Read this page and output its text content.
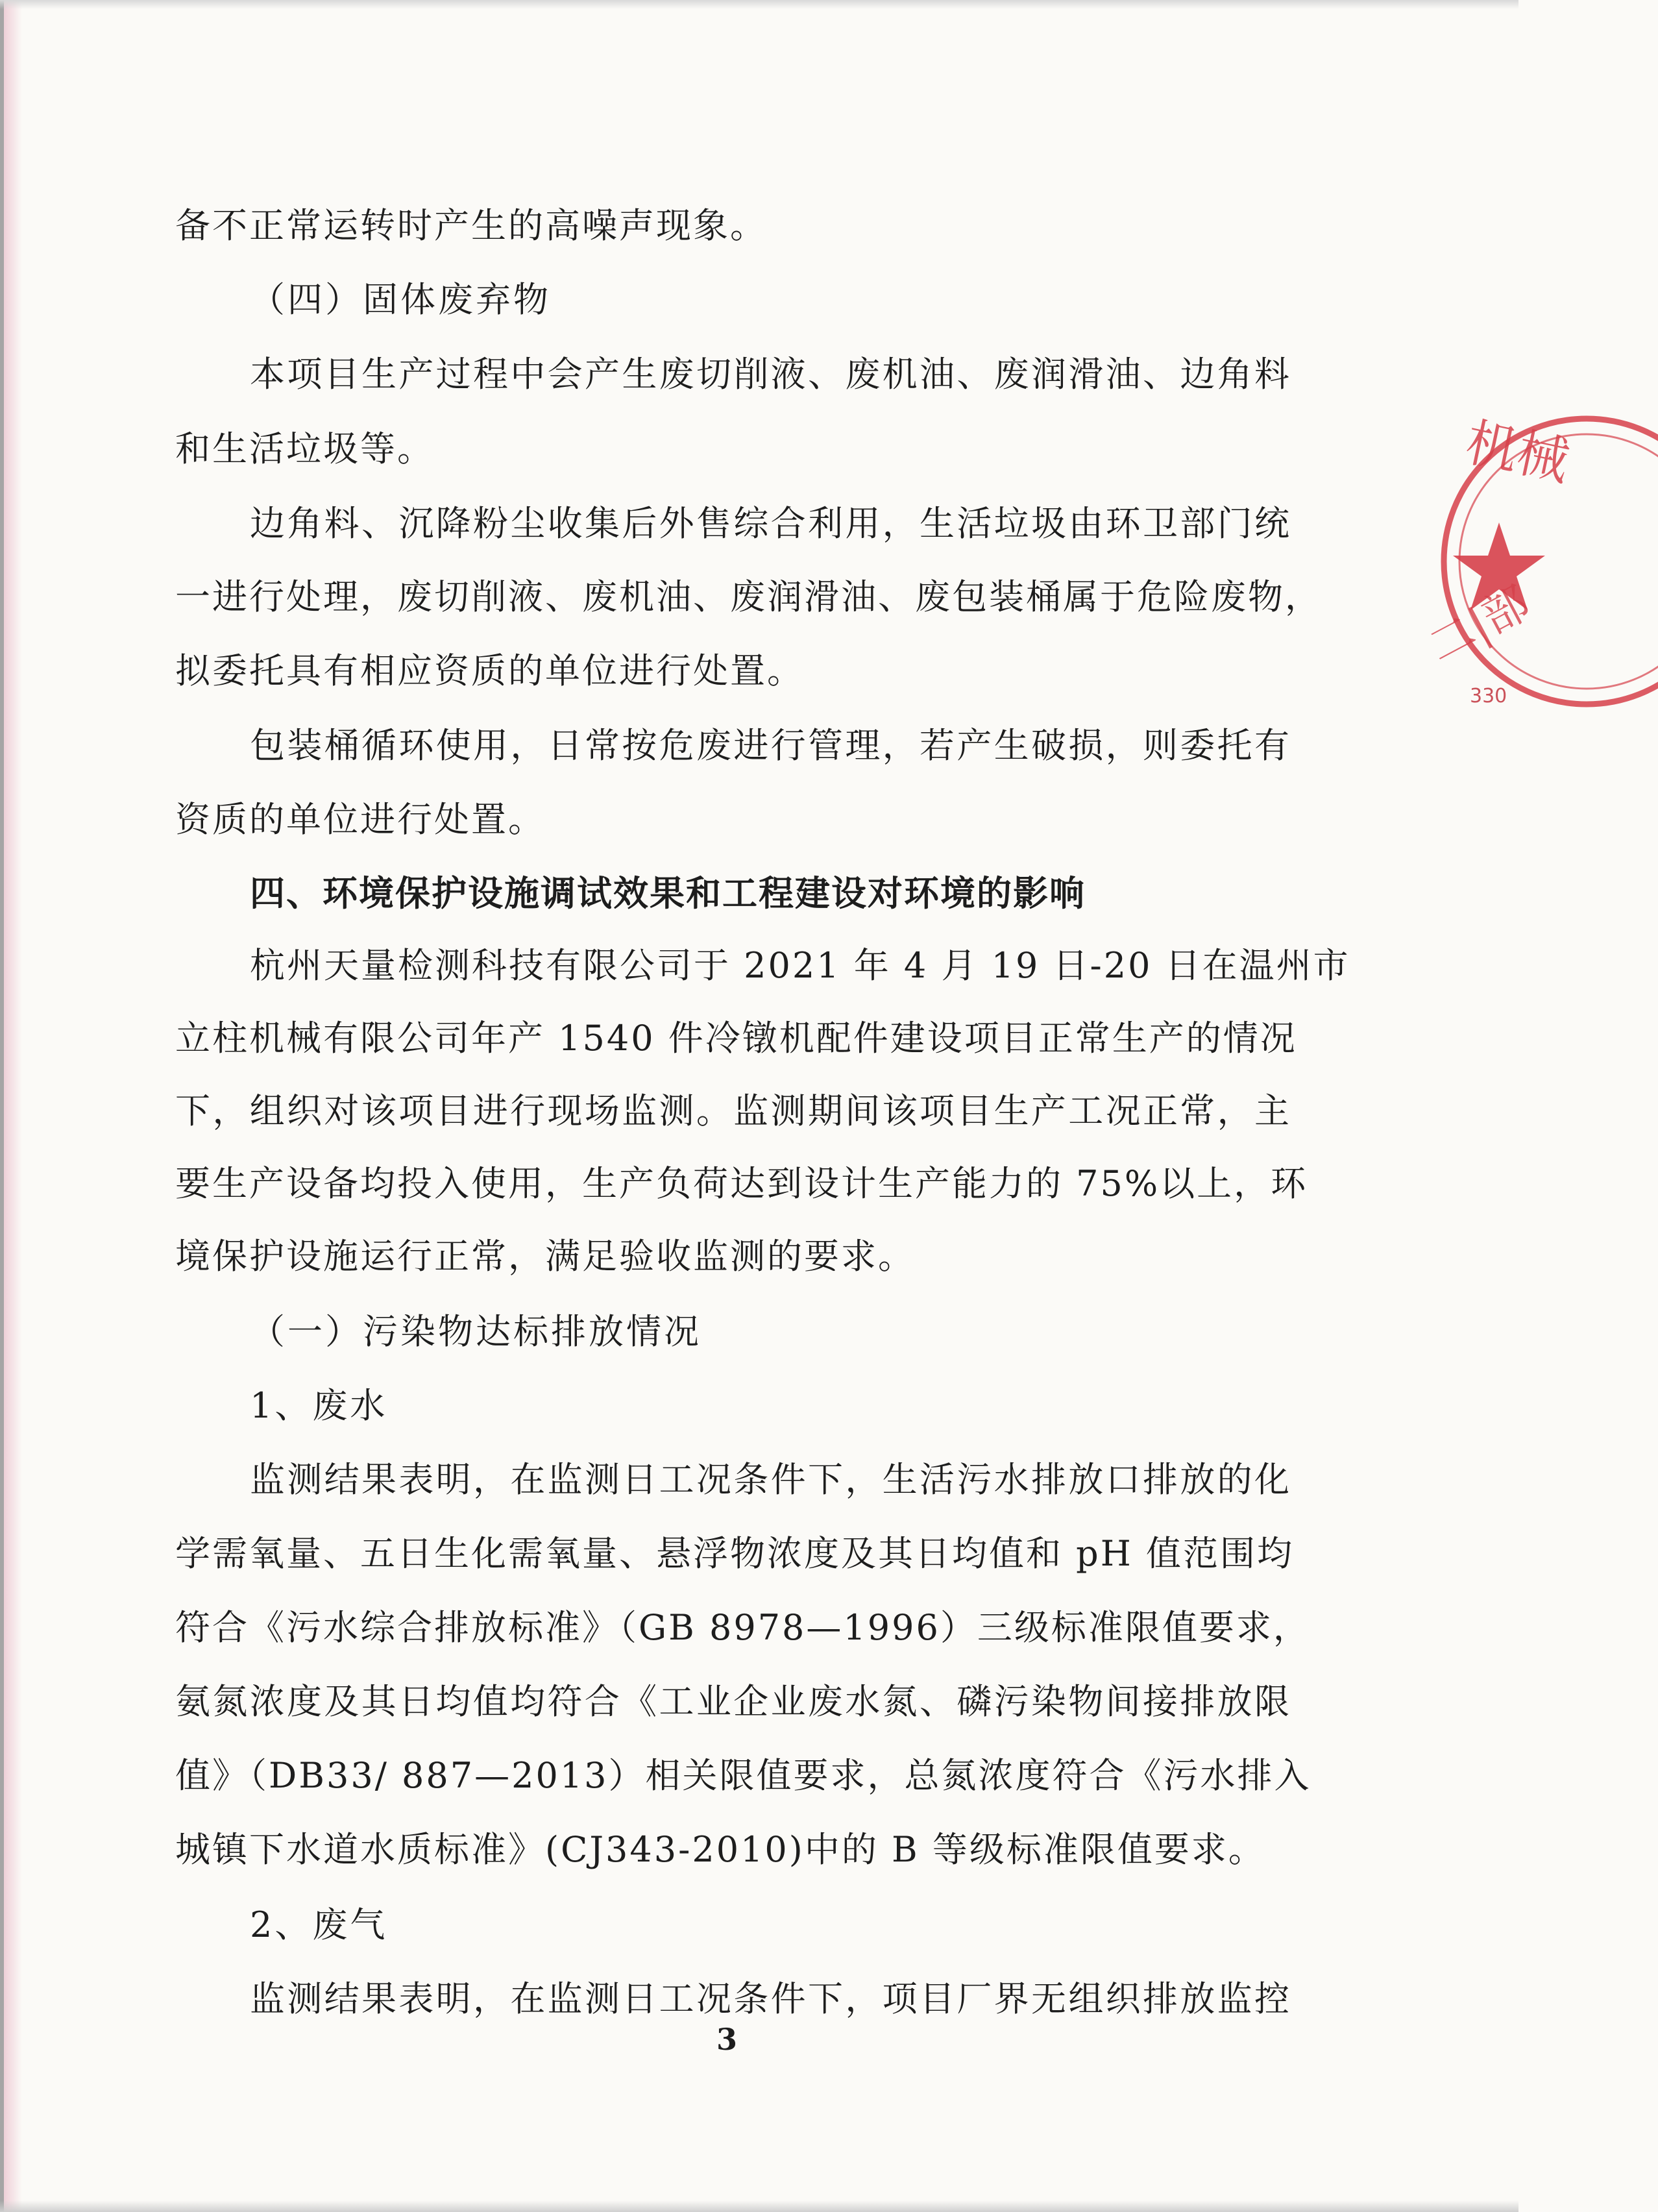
备不正常运转时产生的高噪声现象。
（四）固体废弃物
本项目生产过程中会产生废切削液、废机油、废润滑油、边角料
和生活垃圾等。
边角料、沉降粉尘收集后外售综合利用，生活垃圾由环卫部门统
一进行处理，废切削液、废机油、废润滑油、废包装桶属于危险废物，
拟委托具有相应资质的单位进行处置。
包装桶循环使用，日常按危废进行管理，若产生破损，则委托有
资质的单位进行处置。
四、环境保护设施调试效果和工程建设对环境的影响
杭州天量检测科技有限公司于 2021 年 4 月 19 日-20 日在温州市
立柱机械有限公司年产 1540 件冷镦机配件建设项目正常生产的情况
下，组织对该项目进行现场监测。监测期间该项目生产工况正常，主
要生产设备均投入使用，生产负荷达到设计生产能力的 75%以上，环
境保护设施运行正常，满足验收监测的要求。
（一）污染物达标排放情况
1、废水
监测结果表明，在监测日工况条件下，生活污水排放口排放的化
学需氧量、五日生化需氧量、悬浮物浓度及其日均值和 pH 值范围均
符合《污水综合排放标准》（GB 8978—1996）三级标准限值要求，
氨氮浓度及其日均值均符合《工业企业废水氮、磷污染物间接排放限
值》（DB33/ 887—2013）相关限值要求，总氮浓度符合《污水排入
城镇下水道水质标准》(CJ343-2010)中的 B 等级标准限值要求。
2、废气
监测结果表明，在监测日工况条件下，项目厂界无组织排放监控
3
机械
二|部
330
